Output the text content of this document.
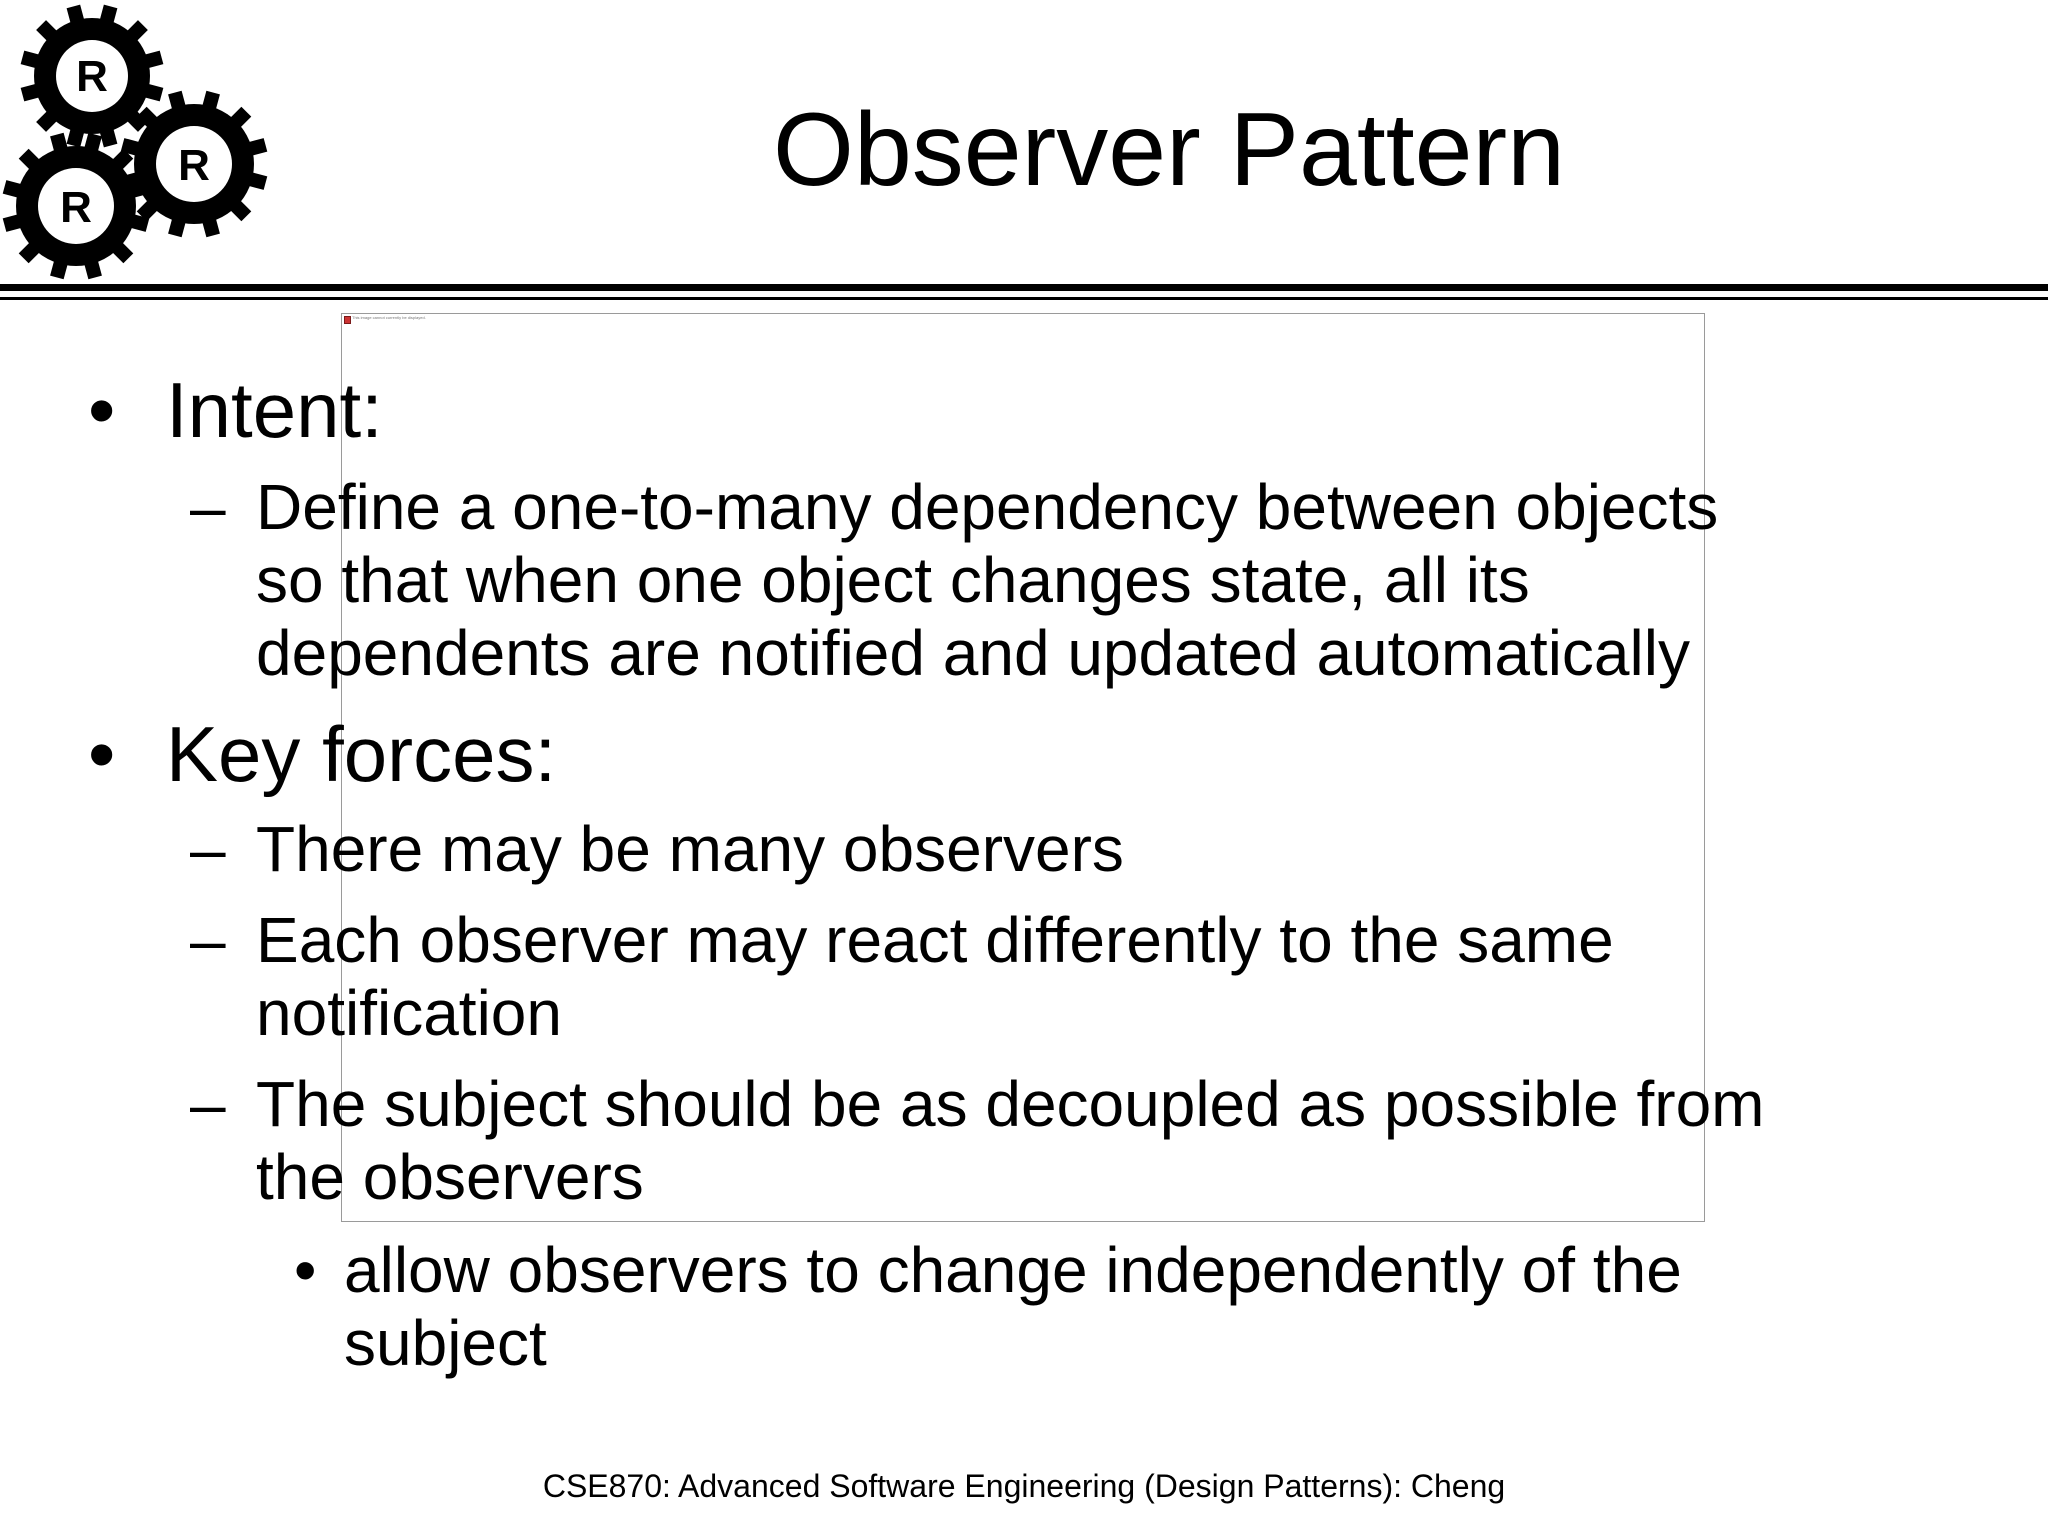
R
R
R	Observer Pattern
This image cannot currently be displayed.
• Intent:
– Define a one-to-many dependency between objects
so that when one object changes state, all its
dependents are notified and updated automatically
• Key forces:
– There may be many observers
– Each observer may react differently to the same
notification
– The subject should be as decoupled as possible from
the observers
• allow observers to change independently of the
subject
CSE870: Advanced Software Engineering (Design Patterns): Cheng
